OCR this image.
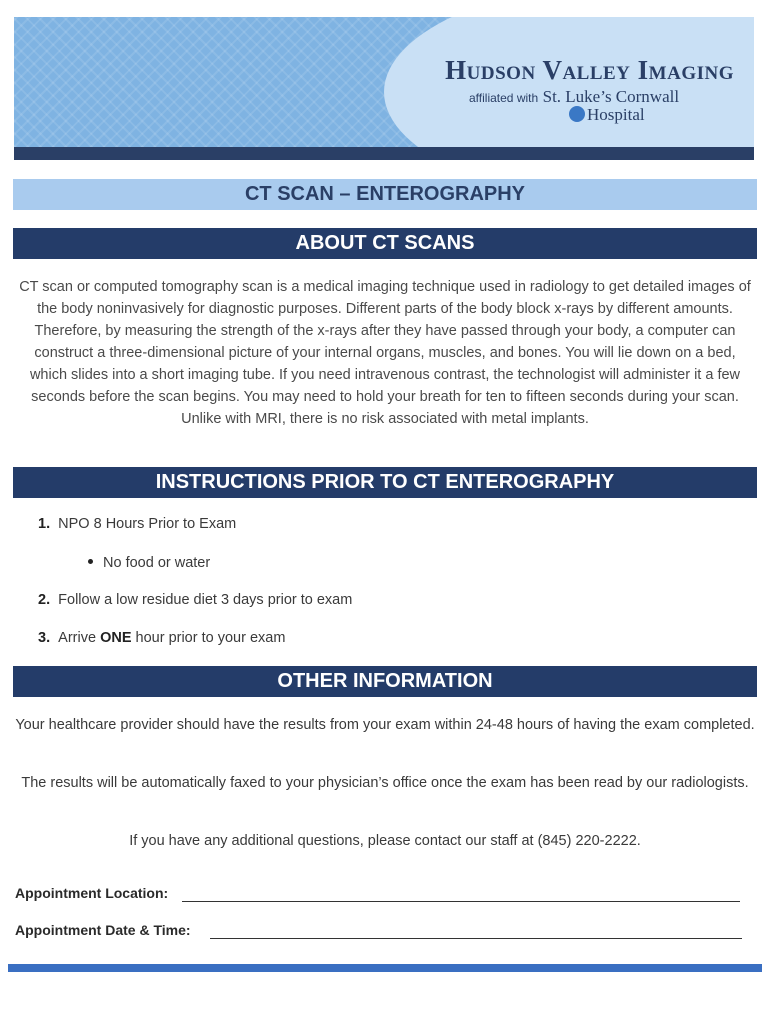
Hudson Valley Imaging
affiliated with St. Luke’s Cornwall
Hospital
CT SCAN – ENTEROGRAPHY
ABOUT CT SCANS
CT scan or computed tomography scan is a medical imaging technique used in radiology to get detailed images of the body noninvasively for diagnostic purposes. Different parts of the body block x-rays by different amounts. Therefore, by measuring the strength of the x-rays after they have passed through your body, a computer can construct a three-dimensional picture of your internal organs, muscles, and bones. You will lie down on a bed, which slides into a short imaging tube. If you need intravenous contrast, the technologist will administer it a few seconds before the scan begins. You may need to hold your breath for ten to fifteen seconds during your scan. Unlike with MRI, there is no risk associated with metal implants.
INSTRUCTIONS PRIOR TO CT ENTEROGRAPHY
1. NPO 8 Hours Prior to Exam
No food or water
2. Follow a low residue diet 3 days prior to exam
3. Arrive ONE hour prior to your exam
OTHER INFORMATION
Your healthcare provider should have the results from your exam within 24-48 hours of having the exam completed.
The results will be automatically faxed to your physician’s office once the exam has been read by our radiologists.
If you have any additional questions, please contact our staff at (845) 220-2222.
Appointment Location:
Appointment Date & Time:
